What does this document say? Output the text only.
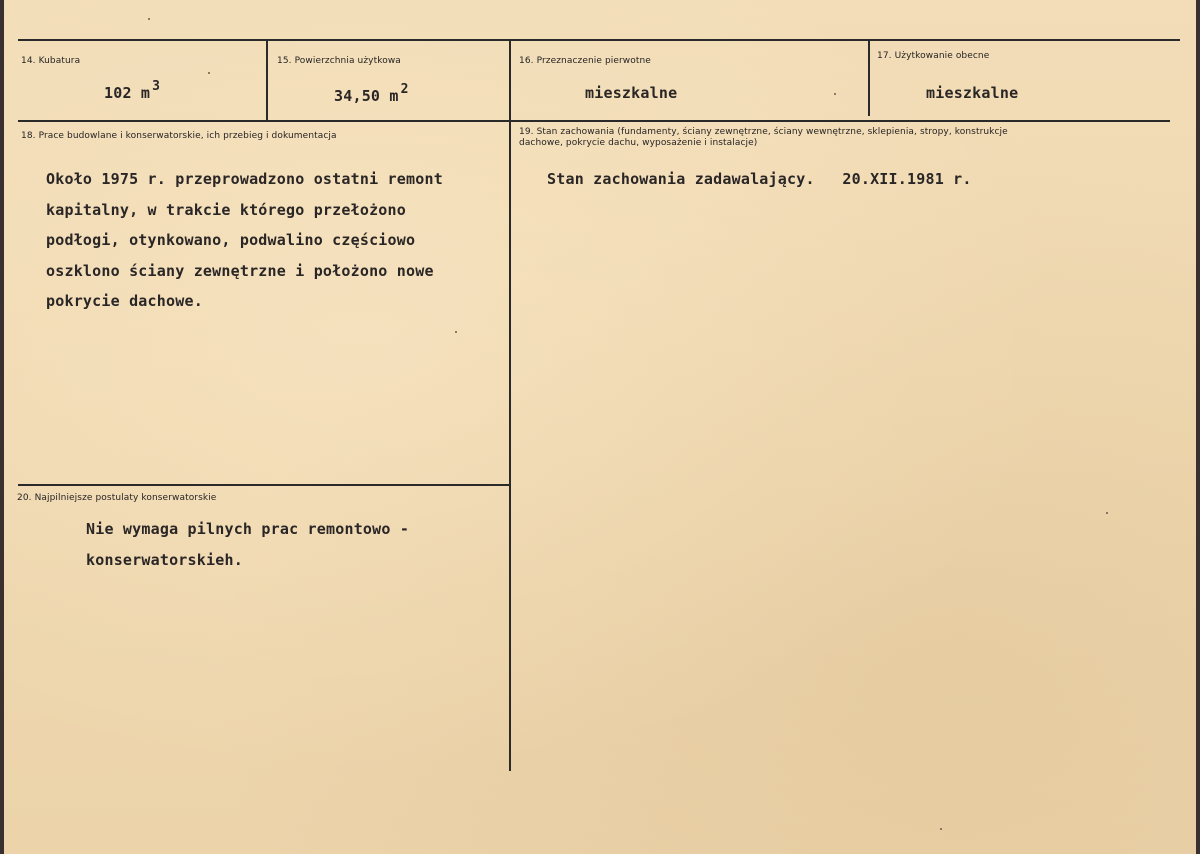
14. Kubatura
102 m $^3$
15. Powierzchnia użytkowa
34,50 m $^2$
16. Przeznaczenie pierwotne
mieszkalne
17. Użytkowanie obecne
mieszkalne
18. Prace budowlane i konserwatorskie, ich przebieg i dokumentacja
Około 1975 r. przeprowadzono ostatni remont kapitalny, w trakcie którego przełożono podłogi, otynkowano, podwalino częściowo oszklono ściany zewnętrzne i położono nowe pokrycie dachowe.
19. Stan zachowania (fundamenty, ściany zewnętrzne, ściany wewnętrzne, sklepienia, stropy, konstrukcje dachowe, pokrycie dachu, wyposażenie i instalacje)
Stan zachowania zadawalający.   20.XII.1981 r.
20. Najpilniejsze postulaty konserwatorskie
Nie wymaga pilnych prac remontowo - konserwatorskieh.
